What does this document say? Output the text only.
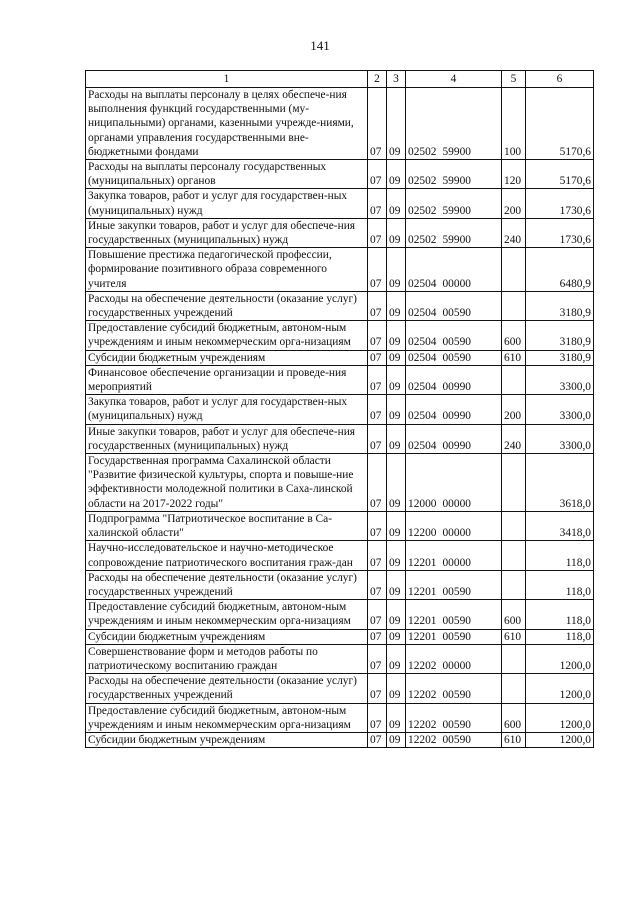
141
1	2	3	4	5	6
Расходы на выплаты персоналу в целях обеспече-ния выполнения функций государственными (му-ниципальными) органами, казенными учрежде-ниями, органами управления государственными вне-бюджетными фондами	07	09	02502 59900	100	5170,6
Расходы на выплаты персоналу государственных (муниципальных) органов	07	09	02502 59900	120	5170,6
Закупка товаров, работ и услуг для государствен-ных (муниципальных) нужд	07	09	02502 59900	200	1730,6
Иные закупки товаров, работ и услуг для обеспече-ния государственных (муниципальных) нужд	07	09	02502 59900	240	1730,6
Повышение престижа педагогической профессии, формирование позитивного образа современного учителя	07	09	02504 00000		6480,9
Расходы на обеспечение деятельности (оказание услуг) государственных учреждений	07	09	02504 00590		3180,9
Предоставление субсидий бюджетным, автоном-ным учреждениям и иным некоммерческим орга-низациям	07	09	02504 00590	600	3180,9
Субсидии бюджетным учреждениям	07	09	02504 00590	610	3180,9
Финансовое обеспечение организации и проведе-ния мероприятий	07	09	02504 00990		3300,0
Закупка товаров, работ и услуг для государствен-ных (муниципальных) нужд	07	09	02504 00990	200	3300,0
Иные закупки товаров, работ и услуг для обеспече-ния государственных (муниципальных) нужд	07	09	02504 00990	240	3300,0
Государственная программа Сахалинской области "Развитие физической культуры, спорта и повыше-ние эффективности молодежной политики в Саха-линской области на 2017-2022 годы"	07	09	12000 00000		3618,0
Подпрограмма "Патриотическое воспитание в Са-халинской области"	07	09	12200 00000		3418,0
Научно-исследовательское и научно-методическое сопровождение патриотического воспитания граж-дан	07	09	12201 00000		118,0
Расходы на обеспечение деятельности (оказание услуг) государственных учреждений	07	09	12201 00590		118,0
Предоставление субсидий бюджетным, автоном-ным учреждениям и иным некоммерческим орга-низациям	07	09	12201 00590	600	118,0
Субсидии бюджетным учреждениям	07	09	12201 00590	610	118,0
Совершенствование форм и методов работы по патриотическому воспитанию граждан	07	09	12202 00000		1200,0
Расходы на обеспечение деятельности (оказание услуг) государственных учреждений	07	09	12202 00590		1200,0
Предоставление субсидий бюджетным, автоном-ным учреждениям и иным некоммерческим орга-низациям	07	09	12202 00590	600	1200,0
Субсидии бюджетным учреждениям	07	09	12202 00590	610	1200,0
